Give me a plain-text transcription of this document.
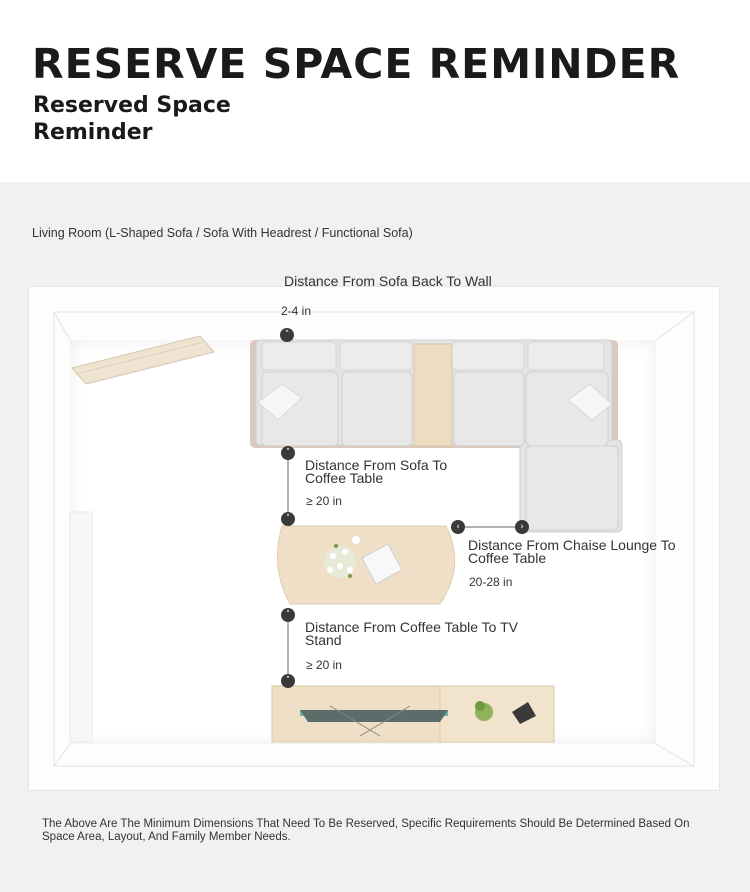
RESERVE SPACE REMINDER
Reserved Space Reminder
Living Room (L-Shaped Sofa / Sofa With Headrest / Functional Sofa)
˄
˄
˅
‹	›
˄
˅
Distance From Sofa Back To Wall
2-4 in
Distance From Sofa To Coffee Table
≥ 20 in
Distance From Chaise Lounge To Coffee Table
20-28 in
Distance From Coffee Table To TV Stand
≥ 20 in
The Above Are The Minimum Dimensions That Need To Be Reserved, Specific Requirements Should Be Determined Based On Space Area, Layout, And Family Member Needs.
